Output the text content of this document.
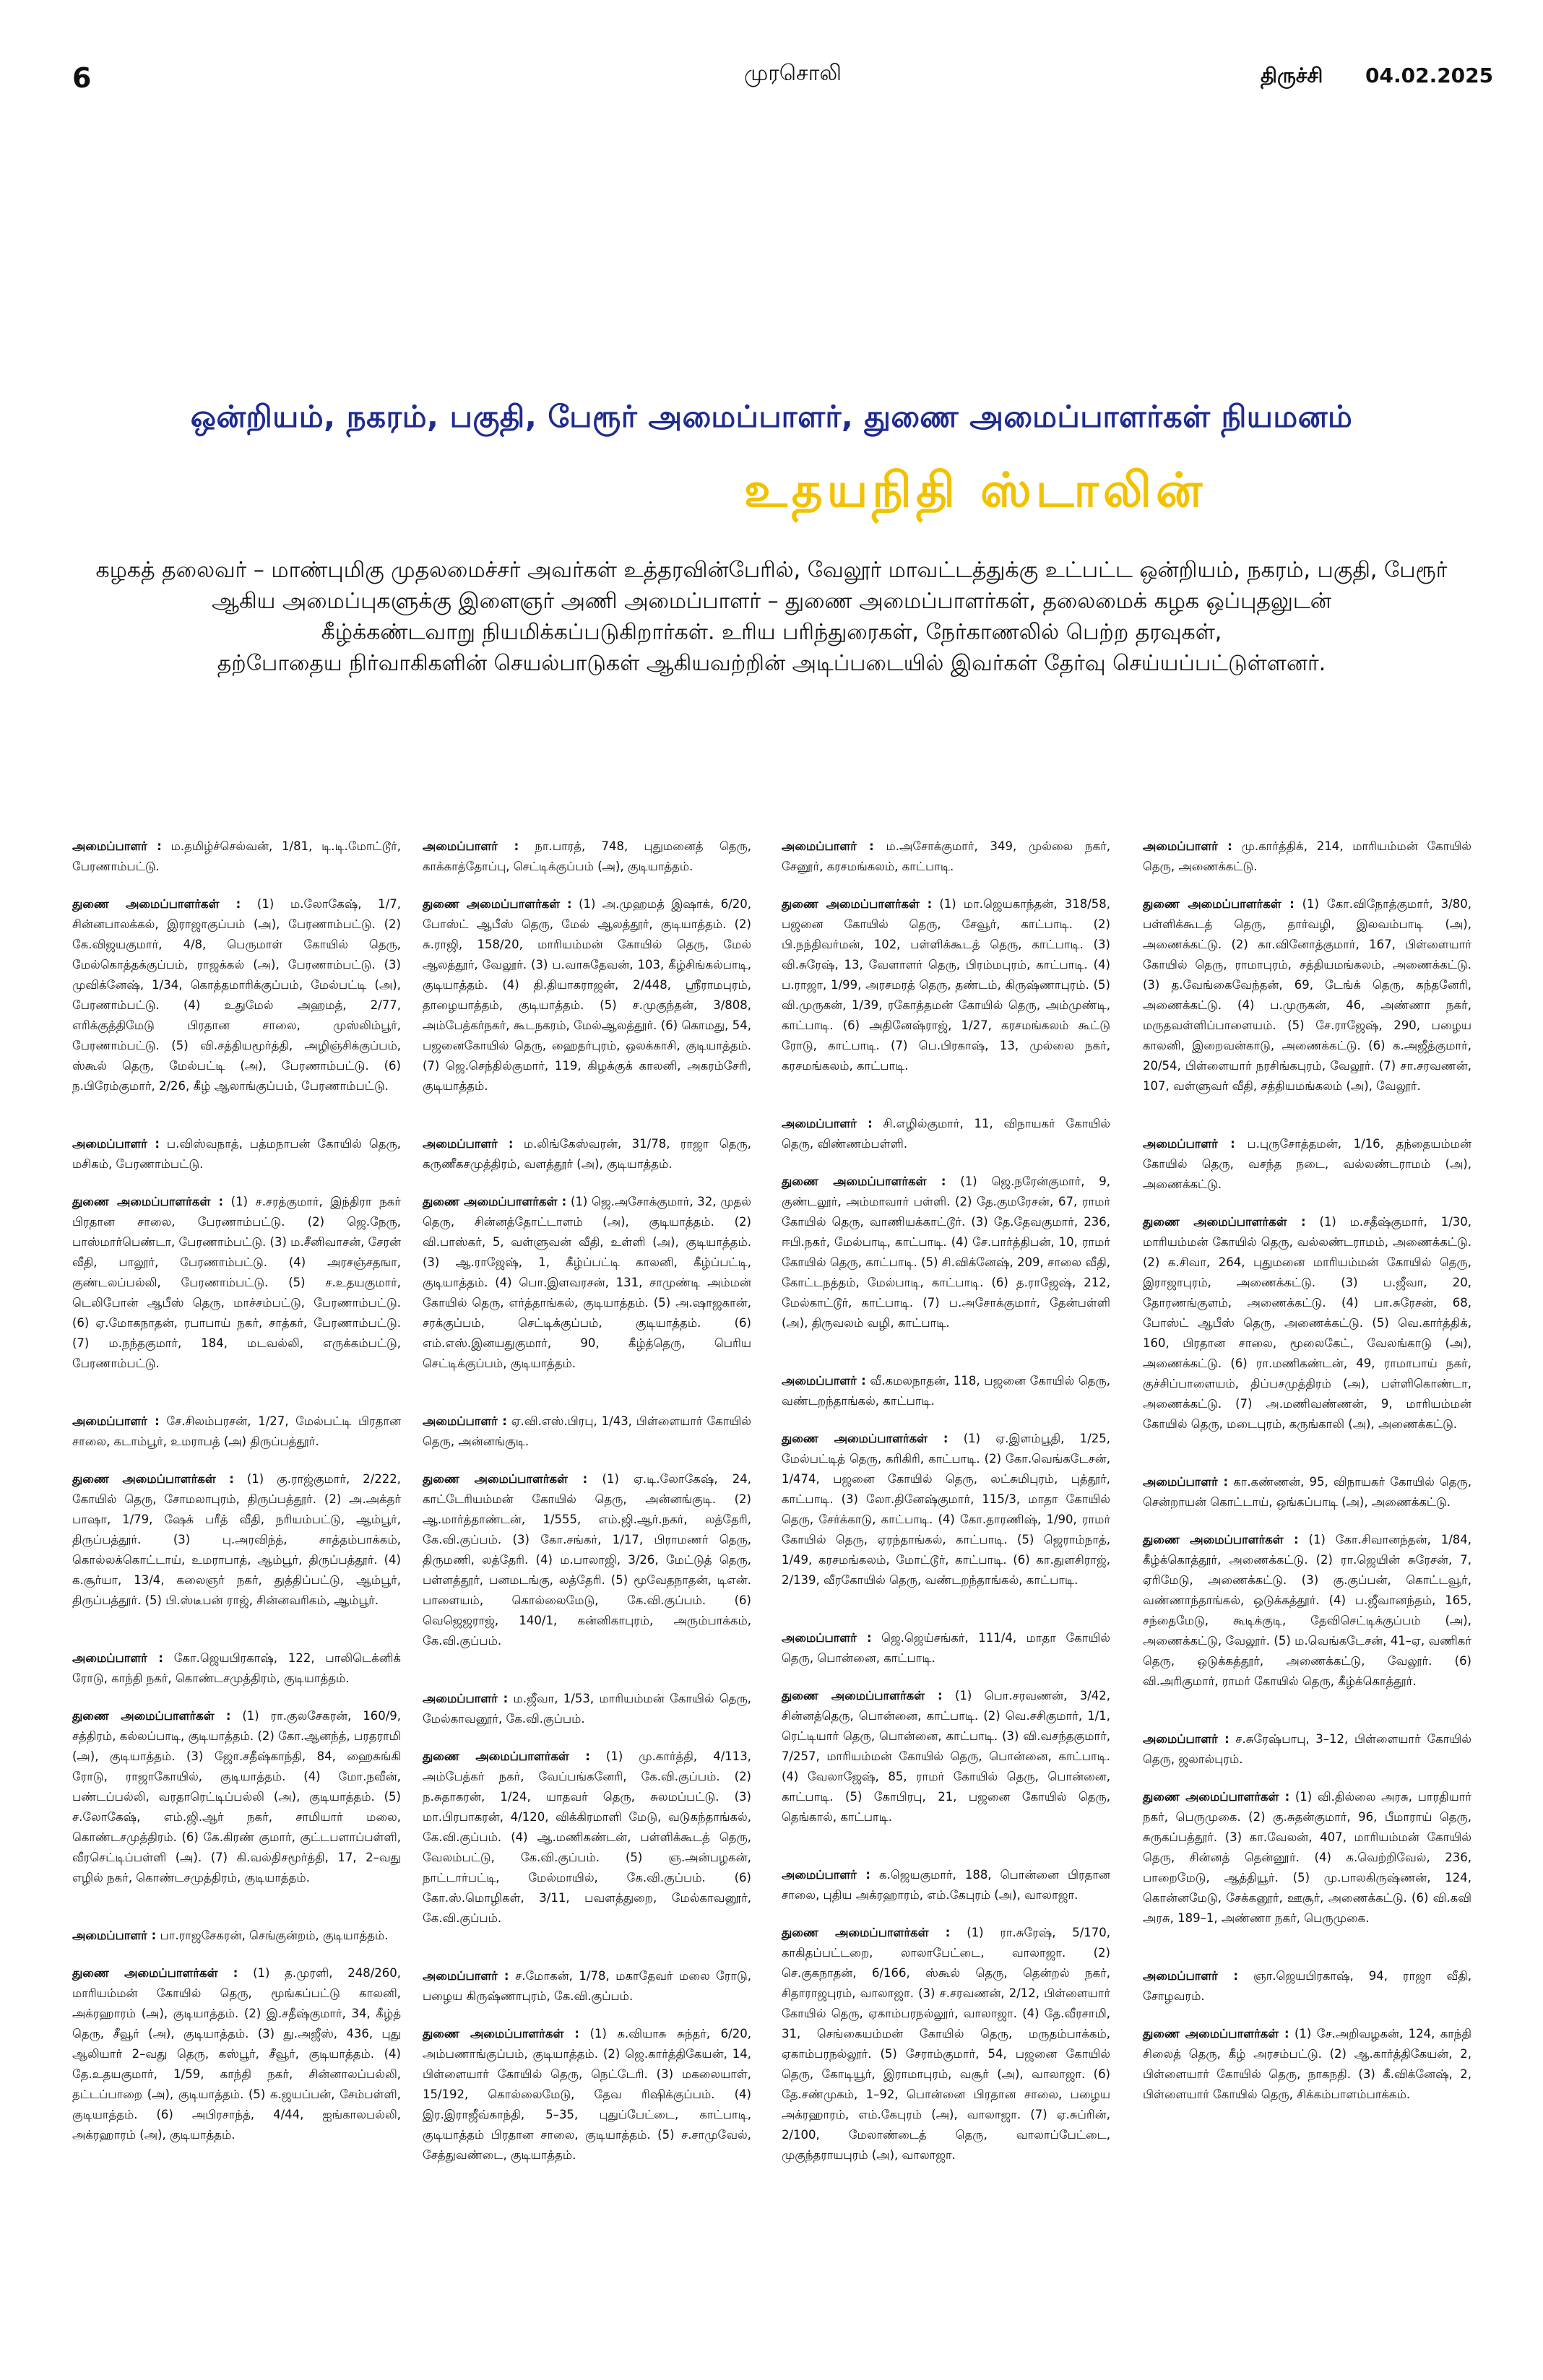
6	முரசொலி	திருச்சி 04.02.2025
ஒன்றியம், நகரம், பகுதி, பேரூர் அமைப்பாளர், துணை அமைப்பாளர்கள் நியமனம்
உதயநிதி ஸ்டாலின்

கழகத் தலைவர் – மாண்புமிகு முதலமைச்சர் அவர்கள் உத்தரவின்பேரில், வேலூர் மாவட்டத்துக்கு உட்பட்ட ஒன்றியம், நகரம், பகுதி, பேரூர்

ஆகிய அமைப்புகளுக்கு இளைஞர் அணி அமைப்பாளர் – துணை அமைப்பாளர்கள், தலைமைக் கழக ஒப்புதலுடன்

கீழ்க்கண்டவாறு நியமிக்கப்படுகிறார்கள். உரிய பரிந்துரைகள், நேர்காணலில் பெற்ற தரவுகள்,

தற்போதைய நிர்வாகிகளின் செயல்பாடுகள் ஆகியவற்றின் அடிப்படையில் இவர்கள் தேர்வு செய்யப்பட்டுள்ளனர்.

அமைப்பாளர் : ம.தமிழ்ச்செல்வன், 1/81, டி.டி.மோட்டூர், பேரணாம்பட்டு.

துணை அமைப்பாளர்கள் : (1) ம.லோகேஷ், 1/7, சின்னபாலக்கல், இராஜாகுப்பம் (அ), பேரணாம்பட்டு. (2) கே.விஜயகுமார், 4/8, பெருமாள் கோயில் தெரு, மேல்கொத்தக்குப்பம், ராஜக்கல் (அ), பேரணாம்பட்டு. (3) முவிக்னேஷ், 1/34, கொத்தமாரிக்குப்பம், மேல்பட்டி (அ), பேரணாம்பட்டு. (4) உதுமேல் அஹமத், 2/77, எரிக்குத்திமேடு பிரதான சாலை, முஸ்லிம்பூர், பேரணாம்பட்டு. (5) வி.சத்தியமூர்த்தி, அழிஞ்சிக்குப்பம், ஸ்கூல் தெரு, மேல்பட்டி (அ), பேரணாம்பட்டு. (6) ந.பிரேம்குமார், 2/26, கீழ் ஆலாங்குப்பம், பேரணாம்பட்டு.

அமைப்பாளர் : ப.விஸ்வநாத், பத்மநாபன் கோயில் தெரு, மசிகம், பேரணாம்பட்டு.

துணை அமைப்பாளர்கள் : (1) ச.சரத்குமார், இந்திரா நகர் பிரதான சாலை, பேரணாம்பட்டு. (2) ஜெ.நேரு, பாஸ்மார்பெண்டா, பேரணாம்பட்டு. (3) ம.சீனிவாசன், சேரன் வீதி, பாலூர், பேரணாம்பட்டு. (4) அரசஞ்சதஙா, குண்டலப்பல்லி, பேரணாம்பட்டு. (5) ச.உதயகுமார், டெலிபோன் ஆபீஸ் தெரு, மாச்சம்பட்டு, பேரணாம்பட்டு. (6) ஏ.மோகநாதன், ரபாபாய் நகர், சாத்கர், பேரணாம்பட்டு. (7) ம.நந்தகுமார், 184, மடவல்லி, எருக்கம்பட்டு, பேரணாம்பட்டு.

அமைப்பாளர் : சே.சிலம்பரசன், 1/27, மேல்பட்டி பிரதான சாலை, கடாம்பூர், உமராபத் (அ) திருப்பத்தூர்.

துணை அமைப்பாளர்கள் : (1) கு.ராஜ்குமார், 2/222, கோயில் தெரு, சோமலாபுரம், திருப்பத்தூர். (2) அ.அக்தர் பாஷா, 1/79, ஷேக் பரீத் வீதி, நரியம்பட்டு, ஆம்பூர், திருப்பத்தூர். (3) பு.அரவிந்த், சாத்தம்பாக்கம், கொல்லக்கொட்டாய், உமராபாத், ஆம்பூர், திருப்பத்தூர். (4) க.சூர்யா, 13/4, கலைஞர் நகர், துத்திப்பட்டு, ஆம்பூர், திருப்பத்தூர். (5) பி.ஸ்டீபன் ராஜ், சின்னவரிகம், ஆம்பூர்.

அமைப்பாளர் : கோ.ஜெயபிரகாஷ், 122, பாலிடெக்னிக் ரோடு, காந்தி நகர், கொண்டசமுத்திரம், குடியாத்தம்.

துணை அமைப்பாளர்கள் : (1) ரா.குலசேகரன், 160/9, சத்திரம், கல்லப்பாடி, குடியாத்தம். (2) கோ.ஆனந்த், பரதராமி (அ), குடியாத்தம். (3) ஜோ.சதீஷ்காந்தி, 84, ஹைசுங்கி ரோடு, ராஜாகோயில், குடியாத்தம். (4) மோ.நவீன், பண்டப்பல்லி, வரதாரெட்டிப்பல்லி (அ), குடியாத்தம். (5) ச.லோகேஷ், எம்.ஜி.ஆர் நகர், சாமியார் மலை, கொண்டசமுத்திரம். (6) கே.கிரண் குமார், குட்டபளாப்பள்ளி, வீரசெட்டிப்பள்ளி (அ). (7) கி.வல்திசமூர்த்தி, 17, 2–வது எழில் நகர், கொண்டசமுத்திரம், குடியாத்தம்.

அமைப்பாளர் : பா.ராஜசேகரன், செங்குன்றம், குடியாத்தம்.

துணை அமைப்பாளர்கள் : (1) த.முரளி, 248/260, மாரியம்மன் கோயில் தெரு, மூங்கப்பட்டு காலனி, அக்ரஹாரம் (அ), குடியாத்தம். (2) இ.சதீஷ்குமார், 34, கீழ்த் தெரு, சீவூர் (அ), குடியாத்தம். (3) து.அஜீஸ், 436, புது ஆலியார் 2–வது தெரு, கஸ்பூர், சீவூர், குடியாத்தம். (4) தே.உதயகுமார், 1/59, காந்தி நகர், சின்னாலப்பல்லி, தட்டப்பாறை (அ), குடியாத்தம். (5) க.ஜயப்பன், சேம்பள்ளி, குடியாத்தம். (6) அபிரசாந்த், 4/44, ஐங்காலபல்லி, அக்ரஹாரம் (அ), குடியாத்தம்.

அமைப்பாளர் : நா.பாரத், 748, புதுமனைத் தெரு, காக்காத்தோப்பு, செட்டிக்குப்பம் (அ), குடியாத்தம்.

துணை அமைப்பாளர்கள் : (1) அ.முஹமத் இஷாக், 6/20, போஸ்ட் ஆபீஸ் தெரு, மேல் ஆலத்தூர், குடியாத்தம். (2) சு.ராஜி, 158/20, மாரியம்மன் கோயில் தெரு, மேல் ஆலத்தூர், வேலூர். (3) ப.வாசுதேவன், 103, கீழ்சிங்கல்பாடி, குடியாத்தம். (4) தி.தியாகராஜன், 2/448, ஸ்ரீராமபுரம், தாழையாத்தம், குடியாத்தம். (5) ச.முகுந்தன், 3/808, அம்பேத்கர்நகர், கூடநகரம், மேல்ஆலத்தூர். (6) கொமது, 54, பஜனைகோயில் தெரு, ஹைதர்புரம், ஒலக்காசி, குடியாத்தம். (7) ஜெ.செந்தில்குமார், 119, கிழக்குக் காலனி, அகரம்சேரி, குடியாத்தம்.

அமைப்பாளர் : ம.லிங்கேஸ்வரன், 31/78, ராஜா தெரு, கருணீகசமுத்திரம், வளத்தூர் (அ), குடியாத்தம்.

துணை அமைப்பாளர்கள் : (1) ஜெ.அசோக்குமார், 32, முதல் தெரு, சின்னத்தோட்டாளம் (அ), குடியாத்தம். (2) வி.பாஸ்கர், 5, வள்ளுவன் வீதி, உள்ளி (அ), குடியாத்தம். (3) ஆ.ராஜேஷ், 1, கீழ்ப்பட்டி காலனி, கீழ்ப்பட்டி, குடியாத்தம். (4) பொ.இளவரசன், 131, சாமுண்டி அம்மன் கோயில் தெரு, எர்த்தாங்கல், குடியாத்தம். (5) அ.ஷாஜகான், சரக்குப்பம், செட்டிக்குப்பம், குடியாத்தம். (6) எம்.எஸ்.இனயதுகுமார், 90, கீழ்த்தெரு, பெரிய செட்டிக்குப்பம், குடியாத்தம்.

அமைப்பாளர் : ஏ.வி.எஸ்.பிரபு, 1/43, பிள்ளையார் கோயில் தெரு, அன்னங்குடி.

துணை அமைப்பாளர்கள் : (1) ஏ.டி.லோகேஷ், 24, காட்டேரியம்மன் கோயில் தெரு, அன்னங்குடி. (2) ஆ.மார்த்தாண்டன், 1/555, எம்.ஜி.ஆர்.நகர், லத்தேரி, கே.வி.குப்பம். (3) கோ.சங்கர், 1/17, பிராமணர் தெரு, திருமணி, லத்தேரி. (4) ம.பாலாஜி, 3/26, மேட்டுத் தெரு, பள்ளத்தூர், பனமடங்கு, லத்தேரி. (5) மூவேதநாதன், டிஎன். பாளையம், கொல்லைமேடு, கே.வி.குப்பம். (6) வெஜெஜராஜ், 140/1, கன்னிகாபுரம், அரும்பாக்கம், கே.வி.குப்பம்.

அமைப்பாளர் : ம.ஜீவா, 1/53, மாரியம்மன் கோயில் தெரு, மேல்காவனூர், கே.வி.குப்பம்.

துணை அமைப்பாளர்கள் : (1) மு.கார்த்தி, 4/113, அம்பேத்கர் நகர், வேப்பங்கனேரி, கே.வி.குப்பம். (2) ந.சுதாகரன், 1/24, யாதவர் தெரு, சுலமப்பட்டு. (3) மா.பிரபாகரன், 4/120, விக்கிரமாளி மேடு, வடுகந்தாங்கல், கே.வி.குப்பம். (4) ஆ.மணிகண்டன், பள்ளிக்கூடத் தெரு, வேலம்பட்டு, கே.வி.குப்பம். (5) ஞ.அன்பழகன், நாட்டார்பட்டி, மேல்மாயில், கே.வி.குப்பம். (6) கோ.ஸ்.மொழிகள், 3/11, பவளத்துறை, மேல்காவனூர், கே.வி.குப்பம்.

அமைப்பாளர் : ச.மோகன், 1/78, மகாதேவர் மலை ரோடு, பழைய கிருஷ்ணாபுரம், கே.வி.குப்பம்.

துணை அமைப்பாளர்கள் : (1) க.வியாசு சுந்தர், 6/20, அம்பணாங்குப்பம், குடியாத்தம். (2) ஜெ.கார்த்திகேயன், 14, பிள்ளையார் கோயில் தெரு, நெட்டேரி. (3) மகலையாள், 15/192, கொல்லைமேடு, தேவ ரிஷிக்குப்பம். (4) இர.இராஜீவ்காந்தி, 5–35, புதுப்பேட்டை, காட்பாடி, குடியாத்தம் பிரதான சாலை, குடியாத்தம். (5) ச.சாமுவேல், சேத்துவண்டை, குடியாத்தம்.

அமைப்பாளர் : ம.அசோக்குமார், 349, முல்லை நகர், சேனூர், கரசமங்கலம், காட்பாடி.

துணை அமைப்பாளர்கள் : (1) மா.ஜெயகாந்தன், 318/58, பஜனை கோயில் தெரு, சேவூர், காட்பாடி. (2) பி.நந்திவர்மன், 102, பள்ளிக்கூடத் தெரு, காட்பாடி. (3) வி.சுரேஷ், 13, வேளாளர் தெரு, பிரம்மபுரம், காட்பாடி. (4) ப.ராஜா, 1/99, அரசமரத் தெரு, தண்டம், கிருஷ்ணாபுரம். (5) வி.முருகன், 1/39, ரகோத்தமன் கோயில் தெரு, அம்முண்டி, காட்பாடி. (6) அதினேஷ்ராஜ், 1/27, கரசமங்கலம் கூட்டு ரோடு, காட்பாடி. (7) பெ.பிரகாஷ், 13, முல்லை நகர், கரசமங்கலம், காட்பாடி.

அமைப்பாளர் : சி.எழில்குமார், 11, விநாயகர் கோயில் தெரு, விண்ணம்பள்ளி.

துணை அமைப்பாளர்கள் : (1) ஜெ.நரேன்குமார், 9, குண்டலூர், அம்மாவார் பள்ளி. (2) தே.குமரேசன், 67, ராமர் கோயில் தெரு, வாணியக்காட்டூர். (3) தே.தேவகுமார், 236, ஈபி.நகர், மேல்பாடி, காட்பாடி. (4) சே.பார்த்திபன், 10, ராமர் கோயில் தெரு, காட்பாடி. (5) சி.விக்னேஷ், 209, சாலை வீதி, கோட்டநத்தம், மேல்பாடி, காட்பாடி. (6) த.ராஜேஷ், 212, மேல்காட்டூர், காட்பாடி. (7) ப.அசோக்குமார், தேன்பள்ளி (அ), திருவலம் வழி, காட்பாடி.

அமைப்பாளர் : வீ.கமலநாதன், 118, பஜனை கோயில் தெரு, வண்டறந்தாங்கல், காட்பாடி.

துணை அமைப்பாளர்கள் : (1) ஏ.இளம்பூதி, 1/25, மேல்பட்டித் தெரு, கரிகிரி, காட்பாடி. (2) கோ.வெங்கடேசன், 1/474, பஜனை கோயில் தெரு, லட்சுமிபுரம், புத்தூர், காட்பாடி. (3) லோ.தினேஷ்குமார், 115/3, மாதா கோயில் தெரு, சேர்க்காடு, காட்பாடி. (4) கோ.தாரணிஷ், 1/90, ராமர் கோயில் தெரு, ஏரந்தாங்கல், காட்பாடி. (5) ஜெராம்நாத், 1/49, கரசமங்கலம், மோட்டூர், காட்பாடி. (6) கா.துளசிராஜ், 2/139, வீரகோயில் தெரு, வண்டறந்தாங்கல், காட்பாடி.

அமைப்பாளர் : ஜெ.ஜெய்சங்கர், 111/4, மாதா கோயில் தெரு, பொன்னை, காட்பாடி.

துணை அமைப்பாளர்கள் : (1) பொ.சரவணன், 3/42, சின்னத்தெரு, பொன்னை, காட்பாடி. (2) வெ.சசிகுமார், 1/1, ரெட்டியார் தெரு, பொன்னை, காட்பாடி. (3) வி.வசந்தகுமார், 7/257, மாரியம்மன் கோயில் தெரு, பொன்னை, காட்பாடி. (4) வேலாஜேஷ், 85, ராமர் கோயில் தெரு, பொன்னை, காட்பாடி. (5) கோபிரபு, 21, பஜனை கோயில் தெரு, தெங்கால், காட்பாடி.

அமைப்பாளர் : க.ஜெயகுமார், 188, பொன்னை பிரதான சாலை, புதிய அக்ரஹாரம், எம்.கேபுரம் (அ), வாலாஜா.

துணை அமைப்பாளர்கள் : (1) ரா.சுரேஷ், 5/170, காகிதப்பட்டறை, லாலாபேட்டை, வாலாஜா. (2) செ.குகநாதன், 6/166, ஸ்கூல் தெரு, தென்றல் நகர், சிதாராஜபுரம், வாலாஜா. (3) ச.சரவணன், 2/12, பிள்ளையார் கோயில் தெரு, ஏகாம்பரநல்லூர், வாலாஜா. (4) தே.வீரசாமி, 31, செங்கையம்மன் கோயில் தெரு, மருதம்பாக்கம், ஏகாம்பரநல்லூர். (5) சேராம்குமார், 54, பஜனை கோயில் தெரு, கோடியூர், இராமாபுரம், வசூர் (அ), வாலாஜா. (6) தே.சண்முகம், 1–92, பொன்னை பிரதான சாலை, பழைய அக்ரஹாரம், எம்.கேபுரம் (அ), வாலாஜா. (7) ஏ.சுப்ரின், 2/100, மேலாண்டைத் தெரு, வாலாப்பேட்டை, முகுந்தராயபுரம் (அ), வாலாஜா.

அமைப்பாளர் : மு.கார்த்திக், 214, மாரியம்மன் கோயில் தெரு, அணைக்கட்டு.

துணை அமைப்பாளர்கள் : (1) கோ.விநோத்குமார், 3/80, பள்ளிக்கூடத் தெரு, தார்வழி, இலவம்பாடி (அ), அணைக்கட்டு. (2) கா.வினோத்குமார், 167, பிள்ளையார் கோயில் தெரு, ராமாபுரம், சத்தியமங்கலம், அணைக்கட்டு. (3) த.வேங்கைவேந்தன், 69, டேங்க் தெரு, கந்தனேரி, அணைக்கட்டு. (4) ப.முருகன், 46, அண்ணா நகர், மருதவள்ளிப்பாளையம். (5) சே.ராஜேஷ், 290, பழைய காலனி, இறைவன்காடு, அணைக்கட்டு. (6) க.அஜீத்குமார், 20/54, பிள்ளையார் நரசிங்கபுரம், வேலூர். (7) சா.சரவணன், 107, வள்ளுவர் வீதி, சத்தியமங்கலம் (அ), வேலூர்.

அமைப்பாளர் : ப.புருசோத்தமன், 1/16, தந்தையம்மன் கோயில் தெரு, வசந்த நடை, வல்லண்டராமம் (அ), அணைக்கட்டு.

துணை அமைப்பாளர்கள் : (1) ம.சதீஷ்குமார், 1/30, மாரியம்மன் கோயில் தெரு, வல்லண்டராமம், அணைக்கட்டு. (2) க.சிவா, 264, புதுமனை மாரியம்மன் கோயில் தெரு, இராஜாபுரம், அணைக்கட்டு. (3) ப.ஜீவா, 20, தோரணங்குளம், அணைக்கட்டு. (4) பா.சுரேசன், 68, போஸ்ட் ஆபீஸ் தெரு, அணைக்கட்டு. (5) வெ.கார்த்திக், 160, பிரதான சாலை, மூலைகேட், வேலங்காடு (அ), அணைக்கட்டு. (6) ரா.மணிகண்டன், 49, ராமாபாய் நகர், குச்சிப்பாளையம், திப்பசமுத்திரம் (அ), பள்ளிகொண்டா, அணைக்கட்டு. (7) அ.மணிவண்ணன், 9, மாரியம்மன் கோயில் தெரு, மடைபுரம், கருங்காலி (அ), அணைக்கட்டு.

அமைப்பாளர் : கா.கண்ணன், 95, விநாயகர் கோயில் தெரு, சென்றாயன் கொட்டாய், ஒங்கப்பாடி (அ), அணைக்கட்டு.

துணை அமைப்பாளர்கள் : (1) கோ.சிவானந்தன், 1/84, கீழ்க்கொத்தூர், அணைக்கட்டு. (2) ரா.ஜெயின் சுரேசன், 7, ஏரிமேடு, அணைக்கட்டு. (3) கு.குப்பன், கொட்டவூர், வண்ணாந்தாங்கல், ஒடுக்கத்தூர். (4) ப.ஜீவானந்தம், 165, சந்தைமேடு, கூடிக்குடி, தேவிசெட்டிக்குப்பம் (அ), அணைக்கட்டு, வேலூர். (5) ம.வெங்கடேசன், 41–ஏ, வணிகர் தெரு, ஒடுக்கத்தூர், அணைக்கட்டு, வேலூர். (6) வி.அரிகுமார், ராமர் கோயில் தெரு, கீழ்க்கொத்தூர்.

அமைப்பாளர் : ச.சுரேஷ்பாபு, 3–12, பிள்ளையார் கோயில் தெரு, ஜலால்புரம்.

துணை அமைப்பாளர்கள் : (1) வி.தில்லை அரசு, பாரதியார் நகர், பெருமுகை. (2) கு.சுதன்குமார், 96, பீமாராய் தெரு, சுருகப்பத்தூர். (3) கா.வேலன், 407, மாரியம்மன் கோயில் தெரு, சின்னத் தென்னூர். (4) க.வெற்றிவேல், 236, பாறைமேடு, ஆத்தியூர். (5) மு.பாலகிருஷ்ணன், 124, கொன்னமேடு, சேக்கனூர், ஊசூர், அணைக்கட்டு. (6) வி.கவி அரசு, 189–1, அண்ணா நகர், பெருமுகை.

அமைப்பாளர் : ஞா.ஜெயபிரகாஷ், 94, ராஜா வீதி, சோழவரம்.

துணை அமைப்பாளர்கள் : (1) சே.அறிவழகன், 124, காந்தி சிலைத் தெரு, கீழ் அரசம்பட்டு. (2) ஆ.கார்த்திகேயன், 2, பிள்ளையார் கோயில் தெரு, நாகநதி. (3) கீ.விக்னேஷ், 2, பிள்ளையார் கோயில் தெரு, சிக்கம்பாளம்பாக்கம்.
